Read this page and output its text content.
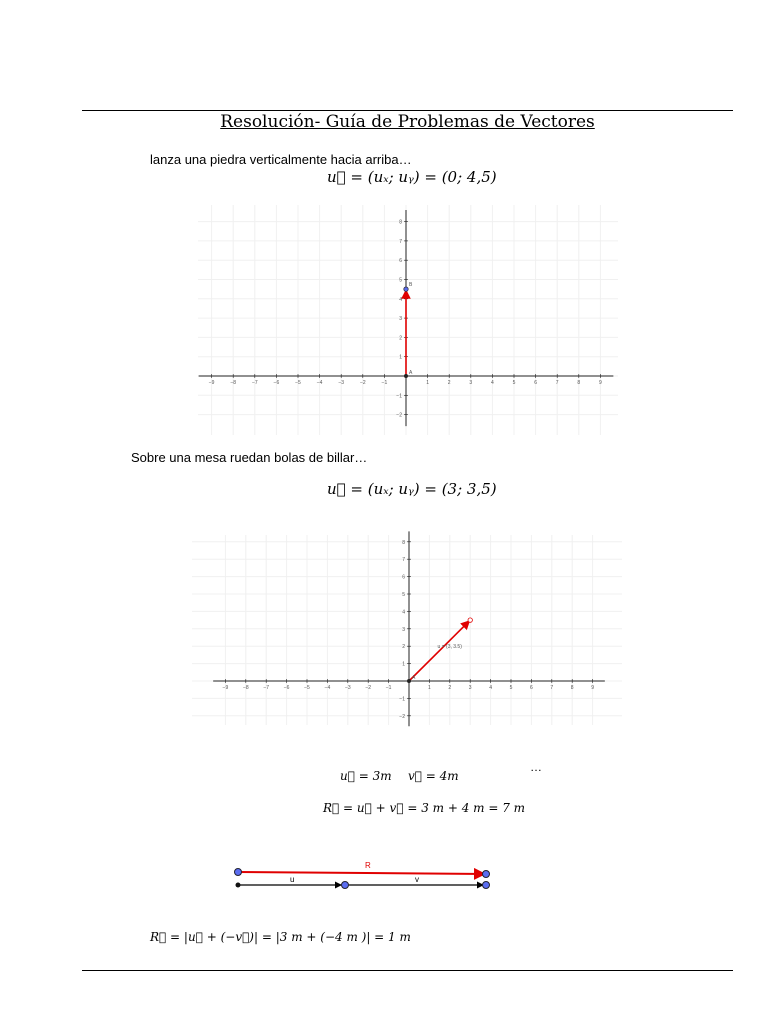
Resolución- Guía de Problemas de Vectores
lanza una piedra verticalmente hacia arriba…
u⃗ = (uₓ; uᵧ) = (0; 4,5)
−9	−8	−7	−6	−5	−4	−3	−2	−1	1	2	3	4	5	6	7	8	9
−2
−1
1
2
3
4
5
6
7
8
A
B
Sobre una mesa ruedan bolas de billar…
u⃗ = (uₓ; uᵧ) = (3; 3,5)
−9	−8	−7	−6	−5	−4	−3	−2	−1	1	2	3	4	5	6	7	8	9
−2
−1
1
2
3
4
5
6
7
8
A
u = (3, 3.5)
…
u⃗ = 3m v⃗ = 4m
R⃗ = u⃗ + v⃗ = 3 m + 4 m = 7 m
R
u	v
R⃗ = |u⃗ + (−v⃗)| = |3 m + (−4 m )| = 1 m
